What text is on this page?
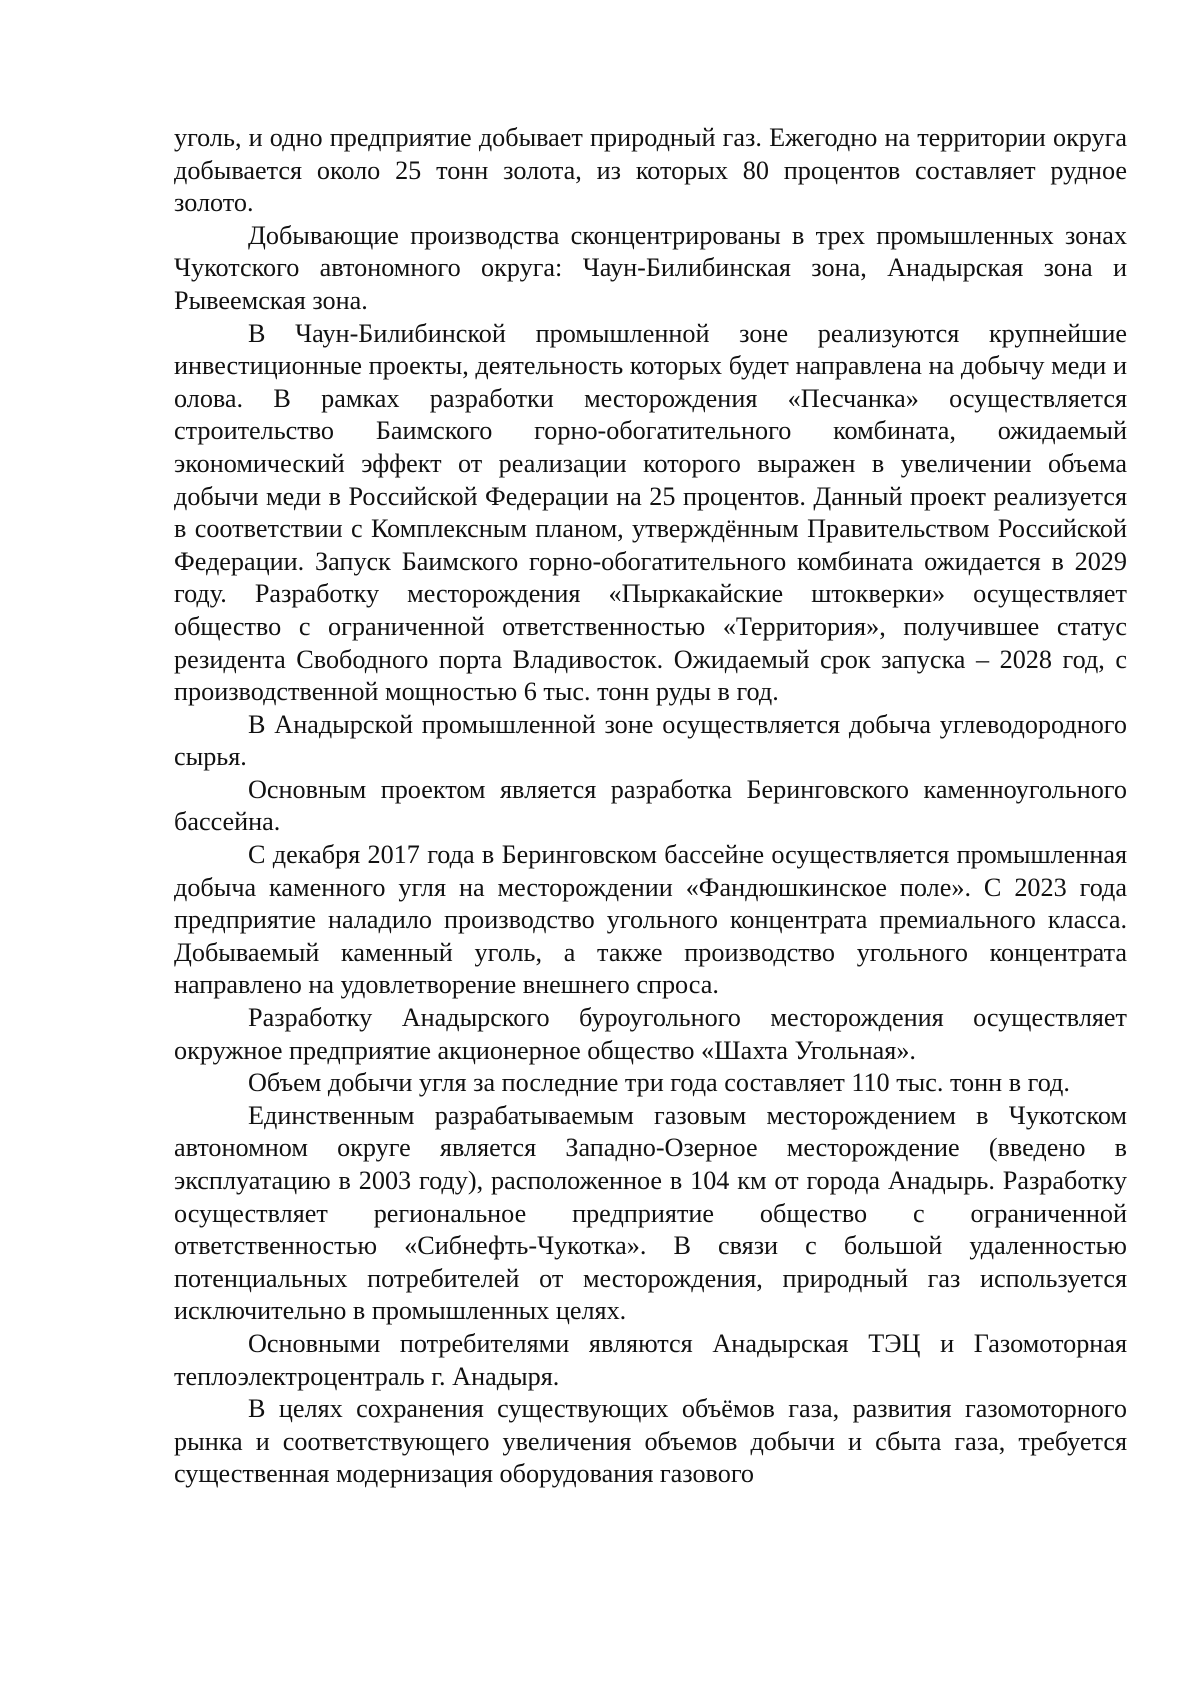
уголь, и одно предприятие добывает природный газ. Ежегодно на территории округа добывается около 25 тонн золота, из которых 80 процентов составляет рудное золото.

Добывающие производства сконцентрированы в трех промышленных зонах Чукотского автономного округа: Чаун-Билибинская зона, Анадырская зона и Рывеемская зона.

В Чаун-Билибинской промышленной зоне реализуются крупнейшие инвестиционные проекты, деятельность которых будет направлена на добычу меди и олова. В рамках разработки месторождения «Песчанка» осуществляется строительство Баимского горно-обогатительного комбината, ожидаемый экономический эффект от реализации которого выражен в увеличении объема добычи меди в Российской Федерации на 25 процентов. Данный проект реализуется в соответствии с Комплексным планом, утверждённым Правительством Российской Федерации. Запуск Баимского горно-обогатительного комбината ожидается в 2029 году. Разработку месторождения «Пыркакайские штокверки» осуществляет общество с ограниченной ответственностью «Территория», получившее статус резидента Свободного порта Владивосток. Ожидаемый срок запуска – 2028 год, с производственной мощностью 6 тыс. тонн руды в год.

В Анадырской промышленной зоне осуществляется добыча углеводородного сырья.

Основным проектом является разработка Беринговского каменноугольного бассейна.

С декабря 2017 года в Беринговском бассейне осуществляется промышленная добыча каменного угля на месторождении «Фандюшкинское поле». С 2023 года предприятие наладило производство угольного концентрата премиального класса. Добываемый каменный уголь, а также производство угольного концентрата направлено на удовлетворение внешнего спроса.

Разработку Анадырского буроугольного месторождения осуществляет окружное предприятие акционерное общество «Шахта Угольная».

Объем добычи угля за последние три года составляет 110 тыс. тонн в год.

Единственным разрабатываемым газовым месторождением в Чукотском автономном округе является Западно-Озерное месторождение (введено в эксплуатацию в 2003 году), расположенное в 104 км от города Анадырь. Разработку осуществляет региональное предприятие общество с ограниченной ответственностью «Сибнефть-Чукотка». В связи с большой удаленностью потенциальных потребителей от месторождения, природный газ используется исключительно в промышленных целях.

Основными потребителями являются Анадырская ТЭЦ и Газомоторная теплоэлектроцентраль г. Анадыря.

В целях сохранения существующих объёмов газа, развития газомоторного рынка и соответствующего увеличения объемов добычи и сбыта газа, требуется существенная модернизация оборудования газового
